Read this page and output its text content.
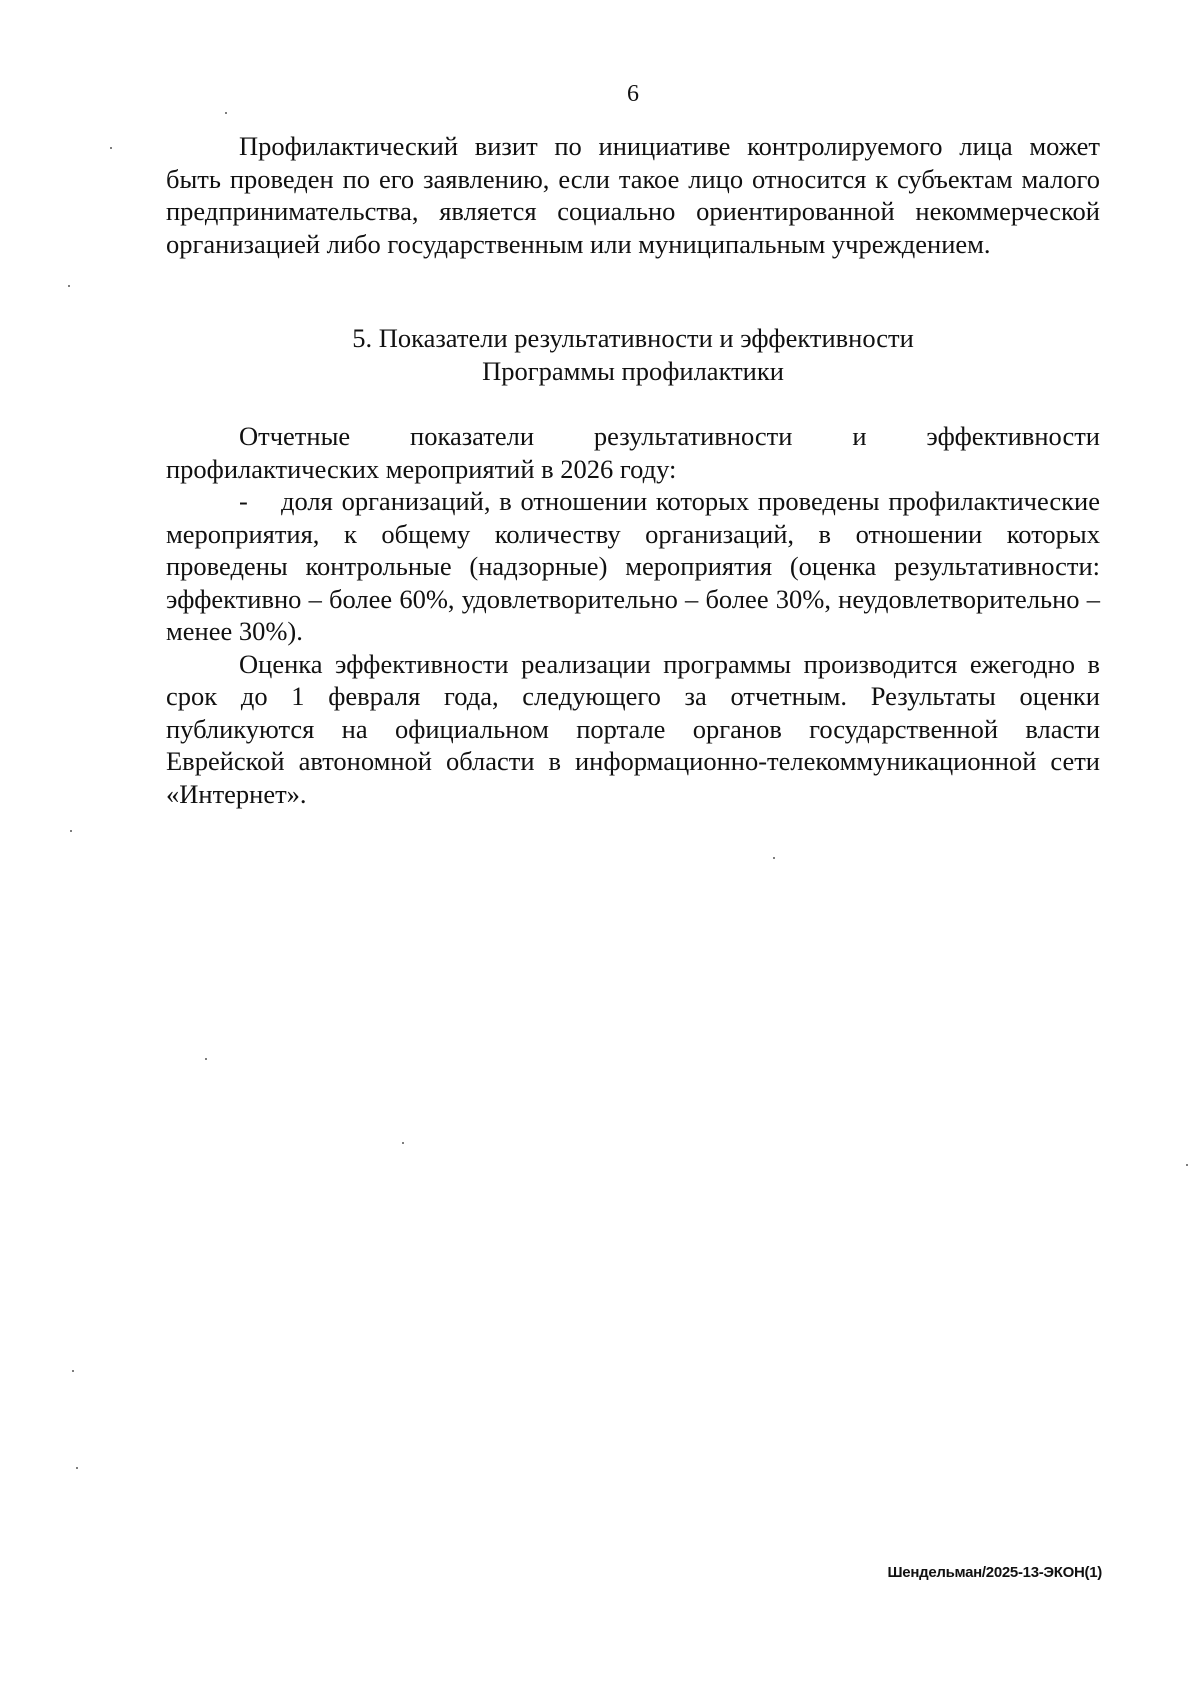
6

Профилактический визит по инициативе контролируемого лица может быть проведен по его заявлению, если такое лицо относится к субъектам малого предпринимательства, является социально ориентированной некоммерческой организацией либо государственным или муниципальным учреждением.

5. Показатели результативности и эффективности
Программы профилактики

Отчетные показатели результативности и эффективности профилактических мероприятий в 2026 году:

- доля организаций, в отношении которых проведены профилактические мероприятия, к общему количеству организаций, в отношении которых проведены контрольные (надзорные) мероприятия (оценка результативности: эффективно – более 60%, удовлетворительно – более 30%, неудовлетворительно – менее 30%).

Оценка эффективности реализации программы производится ежегодно в срок до 1 февраля года, следующего за отчетным. Результаты оценки публикуются на официальном портале органов государственной власти Еврейской автономной области в информационно-телекоммуникационной сети «Интернет».

Шендельман/2025-13-ЭКОН(1)
